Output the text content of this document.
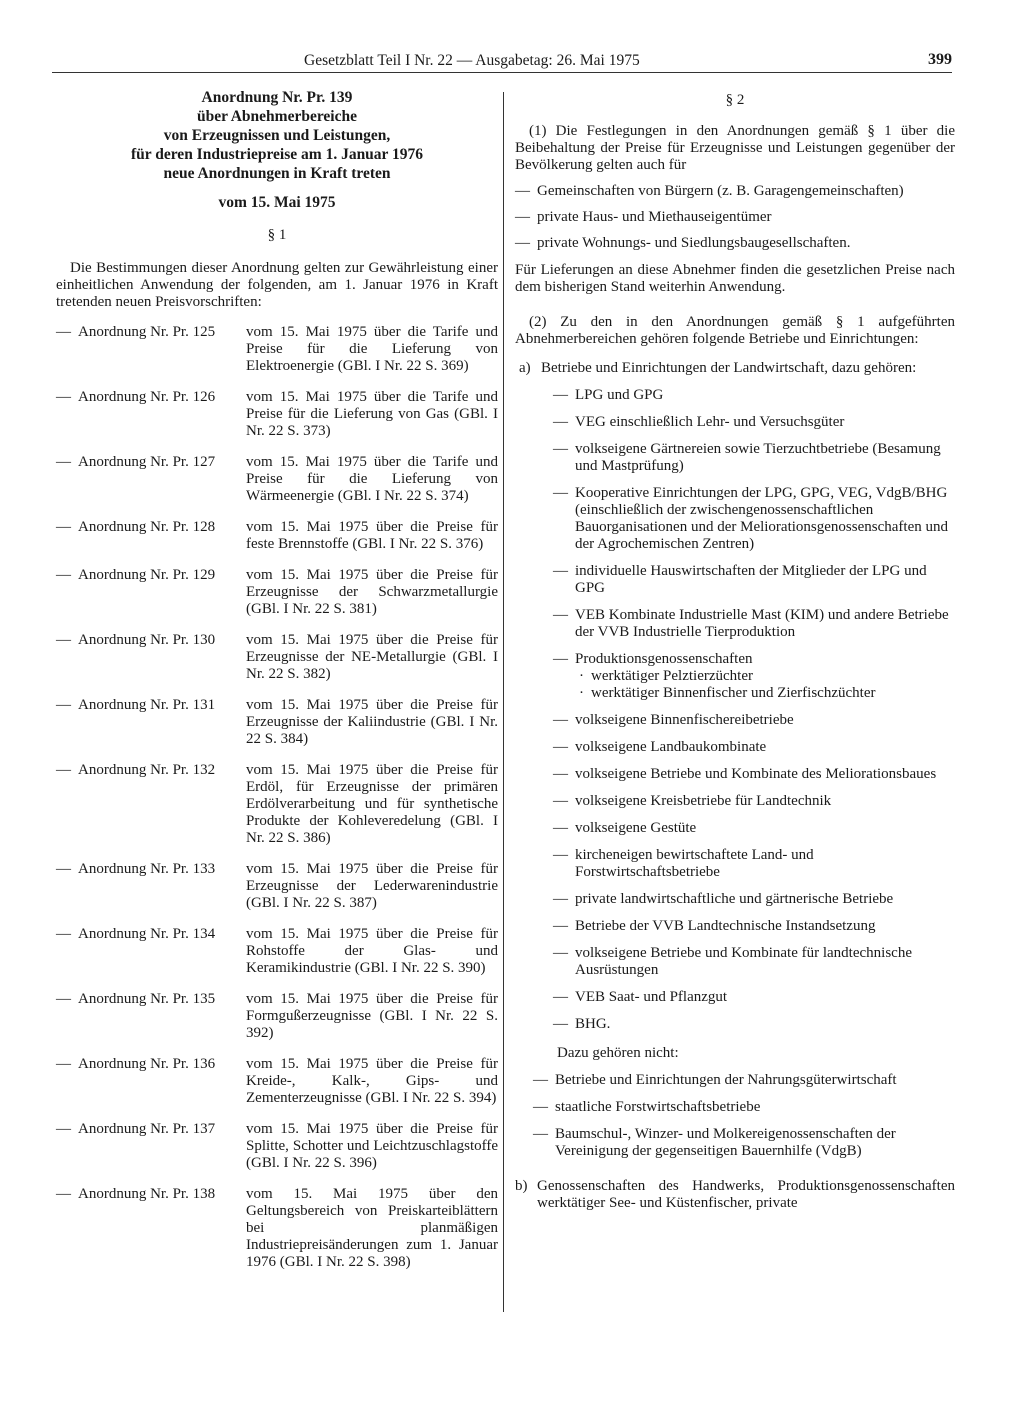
Gesetzblatt Teil I Nr. 22 — Ausgabetag: 26. Mai 1975	399
Anordnung Nr. Pr. 139
über Abnehmerbereiche
von Erzeugnissen und Leistungen,
für deren Industriepreise am 1. Januar 1976
neue Anordnungen in Kraft treten
vom 15. Mai 1975
§ 1
Die Bestimmungen dieser Anordnung gelten zur Gewährleistung einer einheitlichen Anwendung der folgenden, am 1. Januar 1976 in Kraft tretenden neuen Preisvorschriften:
— Anordnung Nr. Pr. 125	vom 15. Mai 1975 über die Tarife und Preise für die Lieferung von Elektroenergie (GBl. I Nr. 22 S. 369)
— Anordnung Nr. Pr. 126	vom 15. Mai 1975 über die Tarife und Preise für die Lieferung von Gas (GBl. I Nr. 22 S. 373)
— Anordnung Nr. Pr. 127	vom 15. Mai 1975 über die Tarife und Preise für die Lieferung von Wärmeenergie (GBl. I Nr. 22 S. 374)
— Anordnung Nr. Pr. 128	vom 15. Mai 1975 über die Preise für feste Brennstoffe (GBl. I Nr. 22 S. 376)
— Anordnung Nr. Pr. 129	vom 15. Mai 1975 über die Preise für Erzeugnisse der Schwarzmetallurgie (GBl. I Nr. 22 S. 381)
— Anordnung Nr. Pr. 130	vom 15. Mai 1975 über die Preise für Erzeugnisse der NE-Metallurgie (GBl. I Nr. 22 S. 382)
— Anordnung Nr. Pr. 131	vom 15. Mai 1975 über die Preise für Erzeugnisse der Kaliindustrie (GBl. I Nr. 22 S. 384)
— Anordnung Nr. Pr. 132	vom 15. Mai 1975 über die Preise für Erdöl, für Erzeugnisse der primären Erdölverarbeitung und für synthetische Produkte der Kohleveredelung (GBl. I Nr. 22 S. 386)
— Anordnung Nr. Pr. 133	vom 15. Mai 1975 über die Preise für Erzeugnisse der Lederwarenindustrie (GBl. I Nr. 22 S. 387)
— Anordnung Nr. Pr. 134	vom 15. Mai 1975 über die Preise für Rohstoffe der Glas- und Keramikindustrie (GBl. I Nr. 22 S. 390)
— Anordnung Nr. Pr. 135	vom 15. Mai 1975 über die Preise für Formgußerzeugnisse (GBl. I Nr. 22 S. 392)
— Anordnung Nr. Pr. 136	vom 15. Mai 1975 über die Preise für Kreide-, Kalk-, Gips- und Zementerzeugnisse (GBl. I Nr. 22 S. 394)
— Anordnung Nr. Pr. 137	vom 15. Mai 1975 über die Preise für Splitte, Schotter und Leichtzuschlagstoffe (GBl. I Nr. 22 S. 396)
— Anordnung Nr. Pr. 138	vom 15. Mai 1975 über den Geltungsbereich von Preiskarteiblättern bei planmäßigen Industriepreisänderungen zum 1. Januar 1976 (GBl. I Nr. 22 S. 398)
§ 2
(1) Die Festlegungen in den Anordnungen gemäß § 1 über die Beibehaltung der Preise für Erzeugnisse und Leistungen gegenüber der Bevölkerung gelten auch für
— Gemeinschaften von Bürgern (z. B. Garagengemeinschaften)
— private Haus- und Miethauseigentümer
— private Wohnungs- und Siedlungsbaugesellschaften.
Für Lieferungen an diese Abnehmer finden die gesetzlichen Preise nach dem bisherigen Stand weiterhin Anwendung.
(2) Zu den in den Anordnungen gemäß § 1 aufgeführten Abnehmerbereichen gehören folgende Betriebe und Einrichtungen:
a) Betriebe und Einrichtungen der Landwirtschaft, dazu gehören:
— LPG und GPG
— VEG einschließlich Lehr- und Versuchsgüter
— volkseigene Gärtnereien sowie Tierzuchtbetriebe (Besamung und Mastprüfung)
— Kooperative Einrichtungen der LPG, GPG, VEG, VdgB/BHG (einschließlich der zwischengenossenschaftlichen Bauorganisationen und der Meliorationsgenossenschaften und der Agrochemischen Zentren)
— individuelle Hauswirtschaften der Mitglieder der LPG und GPG
— VEB Kombinate Industrielle Mast (KIM) und andere Betriebe der VVB Industrielle Tierproduktion
— Produktionsgenossenschaften
· werktätiger Pelztierzüchter
· werktätiger Binnenfischer und Zierfischzüchter
— volkseigene Binnenfischereibetriebe
— volkseigene Landbaukombinate
— volkseigene Betriebe und Kombinate des Meliorationsbaues
— volkseigene Kreisbetriebe für Landtechnik
— volkseigene Gestüte
— kircheneigen bewirtschaftete Land- und Forstwirtschaftsbetriebe
— private landwirtschaftliche und gärtnerische Betriebe
— Betriebe der VVB Landtechnische Instandsetzung
— volkseigene Betriebe und Kombinate für landtechnische Ausrüstungen
— VEB Saat- und Pflanzgut
— BHG.
Dazu gehören nicht:
— Betriebe und Einrichtungen der Nahrungsgüterwirtschaft
— staatliche Forstwirtschaftsbetriebe
— Baumschul-, Winzer- und Molkereigenossenschaften der Vereinigung der gegenseitigen Bauernhilfe (VdgB)
b) Genossenschaften des Handwerks, Produktionsgenossenschaften werktätiger See- und Küstenfischer, private
